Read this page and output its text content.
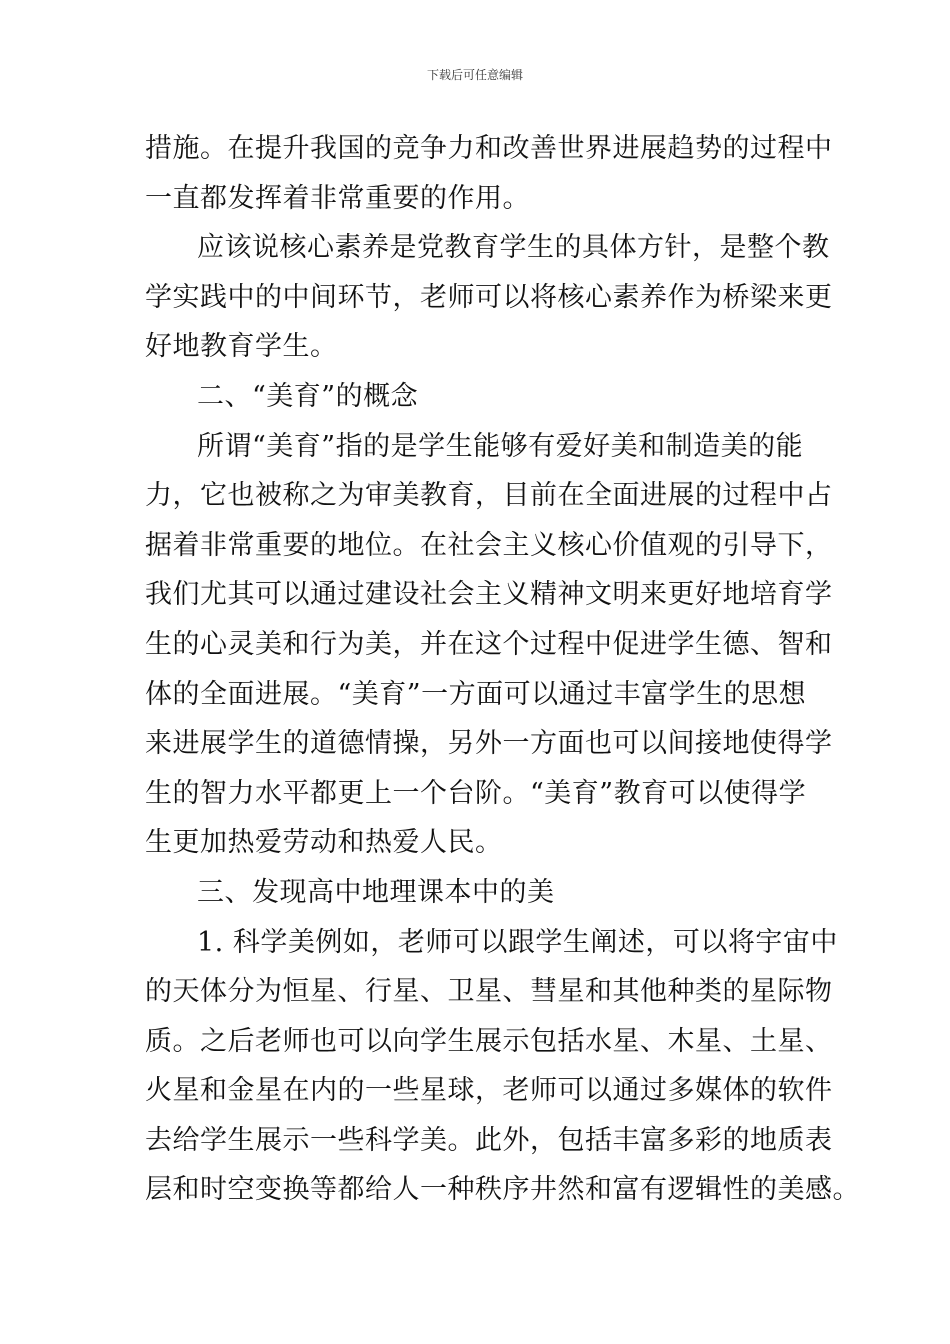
下载后可任意编辑
措施。在提升我国的竞争力和改善世界进展趋势的过程中
一直都发挥着非常重要的作用。
应该说核心素养是党教育学生的具体方针，是整个教
学实践中的中间环节，老师可以将核心素养作为桥梁来更
好地教育学生。
二、“美育”的概念
所谓“美育”指的是学生能够有爱好美和制造美的能
力，它也被称之为审美教育，目前在全面进展的过程中占
据着非常重要的地位。在社会主义核心价值观的引导下，
我们尤其可以通过建设社会主义精神文明来更好地培育学
生的心灵美和行为美，并在这个过程中促进学生德、智和
体的全面进展。“美育”一方面可以通过丰富学生的思想
来进展学生的道德情操，另外一方面也可以间接地使得学
生的智力水平都更上一个台阶。“美育”教育可以使得学
生更加热爱劳动和热爱人民。
三、发现高中地理课本中的美
1. 科学美例如，老师可以跟学生阐述，可以将宇宙中
的天体分为恒星、行星、卫星、彗星和其他种类的星际物
质。之后老师也可以向学生展示包括水星、木星、土星、
火星和金星在内的一些星球，老师可以通过多媒体的软件
去给学生展示一些科学美。此外，包括丰富多彩的地质表
层和时空变换等都给人一种秩序井然和富有逻辑性的美感。
